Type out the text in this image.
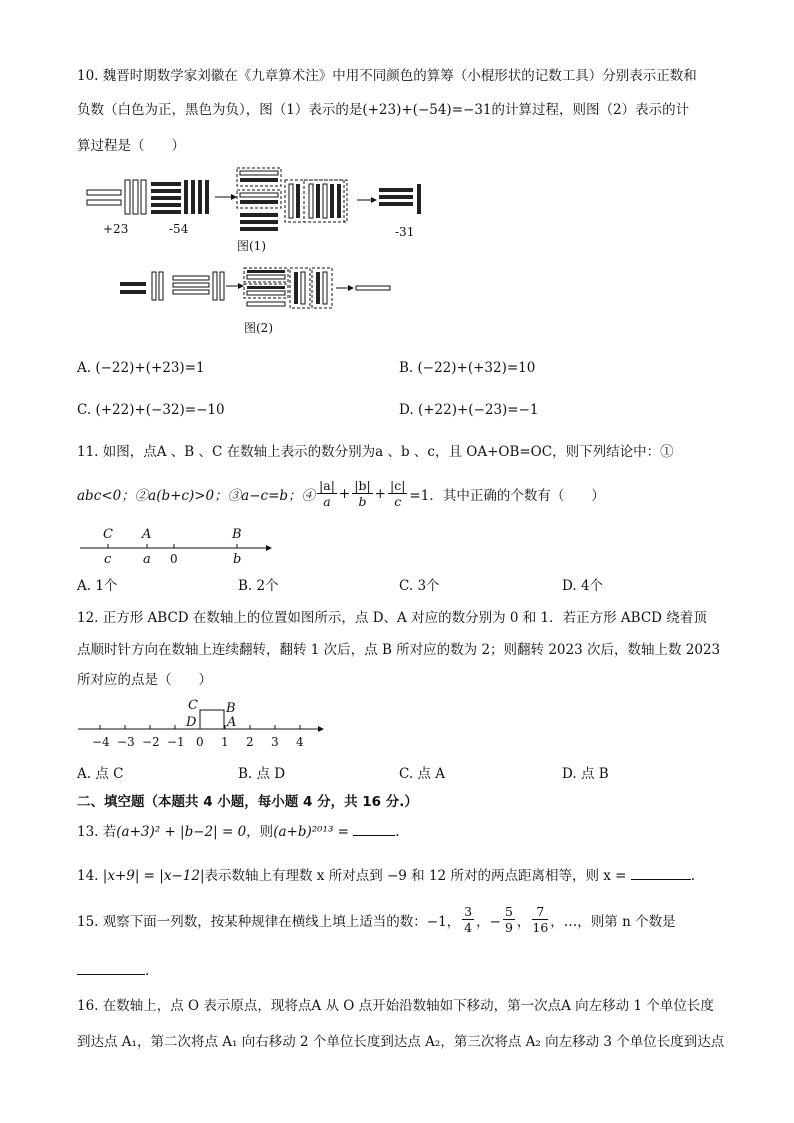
10. 魏晋时期数学家刘徽在《九章算术注》中用不同颜色的算筹（小棍形状的记数工具）分别表示正数和
负数（白色为正，黑色为负），图（1）表示的是(+23)+(−54)=−31的计算过程，则图（2）表示的计
算过程是（　　）
+23	-54	-31
图(1)
图(2)
A. (−22)+(+23)=1	B. (−22)+(+32)=10
C. (+22)+(−32)=−10	D. (+22)+(−23)=−1
11. 如图，点A 、B 、C 在数轴上表示的数分别为a 、b 、c，且 OA+OB=OC，则下列结论中：①
abc<0；②a(b+c)>0；③a−c=b；④ $\frac{|a|}{a} + \frac{|b|}{b} + \frac{|c|}{c} =1$．其中正确的个数有（　　）
C A	B
c a 0	b
A. 1个	B. 2个	C. 3个	D. 4个
12. 正方形 ABCD 在数轴上的位置如图所示，点 D、A 对应的数分别为 0 和 1．若正方形 ABCD 绕着顶
点顺时针方向在数轴上连续翻转，翻转 1 次后，点 B 所对应的数为 2；则翻转 2023 次后，数轴上数 2023
所对应的点是（　　）
C B
D A
−4 −3 −2 −1 0 1 2 3 4
A. 点 C	B. 点 D	C. 点 A	D. 点 B
二、填空题（本题共 4 小题，每小题 4 分，共 16 分.）
13. 若(a+3)² + |b−2| = 0，则(a+b)²⁰¹³ =	.
14. |x+9| = |x−12|表示数轴上有理数 x 所对点到 −9 和 12 所对的两点距离相等，则 x =	.
15. 观察下面一列数，按某种规律在横线上填上适当的数：−1， $\frac{3}{4}$ ，− $\frac{5}{9}$ ， $\frac{7}{16}$ ，…，则第 n 个数是
.
16. 在数轴上，点 O 表示原点，现将点A 从 O 点开始沿数轴如下移动，第一次点A 向左移动 1 个单位长度
到达点 A₁，第二次将点 A₁ 向右移动 2 个单位长度到达点 A₂，第三次将点 A₂ 向左移动 3 个单位长度到达点
